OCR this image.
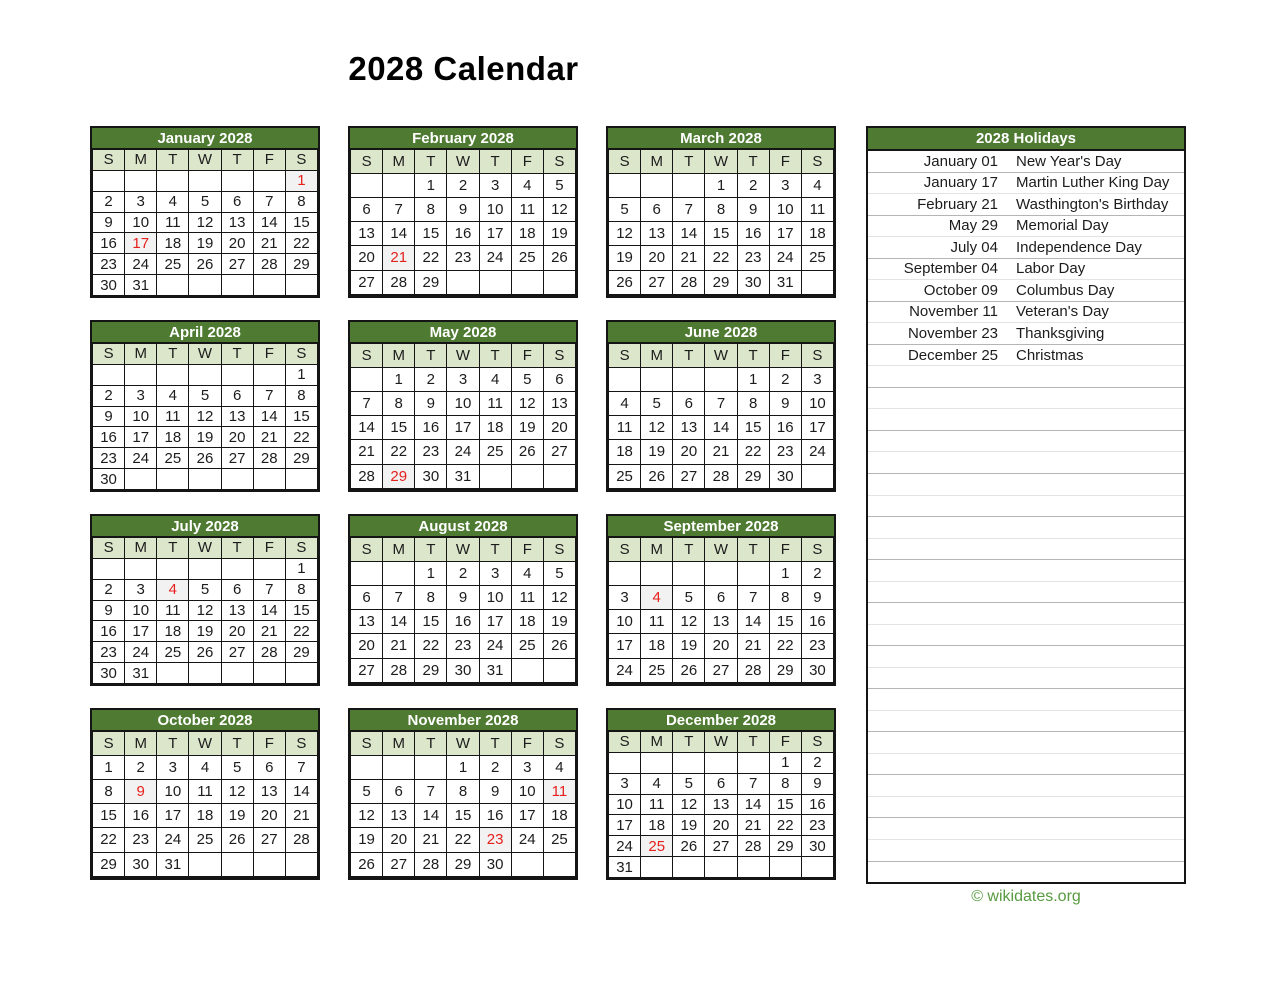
2028 Calendar
January 2028
S	M	T	W	T	F	S
						1
2	3	4	5	6	7	8
9	10	11	12	13	14	15
16	17	18	19	20	21	22
23	24	25	26	27	28	29
30	31					
February 2028
S	M	T	W	T	F	S
		1	2	3	4	5
6	7	8	9	10	11	12
13	14	15	16	17	18	19
20	21	22	23	24	25	26
27	28	29				

March 2028
S	M	T	W	T	F	S
			1	2	3	4
5	6	7	8	9	10	11
12	13	14	15	16	17	18
19	20	21	22	23	24	25
26	27	28	29	30	31	

April 2028
S	M	T	W	T	F	S
						1
2	3	4	5	6	7	8
9	10	11	12	13	14	15
16	17	18	19	20	21	22
23	24	25	26	27	28	29
30						
May 2028
S	M	T	W	T	F	S
	1	2	3	4	5	6
7	8	9	10	11	12	13
14	15	16	17	18	19	20
21	22	23	24	25	26	27
28	29	30	31			

June 2028
S	M	T	W	T	F	S
				1	2	3
4	5	6	7	8	9	10
11	12	13	14	15	16	17
18	19	20	21	22	23	24
25	26	27	28	29	30	

July 2028
S	M	T	W	T	F	S
						1
2	3	4	5	6	7	8
9	10	11	12	13	14	15
16	17	18	19	20	21	22
23	24	25	26	27	28	29
30	31					
August 2028
S	M	T	W	T	F	S
		1	2	3	4	5
6	7	8	9	10	11	12
13	14	15	16	17	18	19
20	21	22	23	24	25	26
27	28	29	30	31		

September 2028
S	M	T	W	T	F	S
					1	2
3	4	5	6	7	8	9
10	11	12	13	14	15	16
17	18	19	20	21	22	23
24	25	26	27	28	29	30

October 2028
S	M	T	W	T	F	S
1	2	3	4	5	6	7
8	9	10	11	12	13	14
15	16	17	18	19	20	21
22	23	24	25	26	27	28
29	30	31				

November 2028
S	M	T	W	T	F	S
			1	2	3	4
5	6	7	8	9	10	11
12	13	14	15	16	17	18
19	20	21	22	23	24	25
26	27	28	29	30		

December 2028
S	M	T	W	T	F	S
					1	2
3	4	5	6	7	8	9
10	11	12	13	14	15	16
17	18	19	20	21	22	23
24	25	26	27	28	29	30
31						
2028 Holidays
January 01	New Year's Day
January 17	Martin Luther King Day
February 21	Wasthington's Birthday
May 29	Memorial Day
July 04	Independence Day
September 04	Labor Day
October 09	Columbus Day
November 11	Veteran's Day
November 23	Thanksgiving
December 25	Christmas
© wikidates.org
